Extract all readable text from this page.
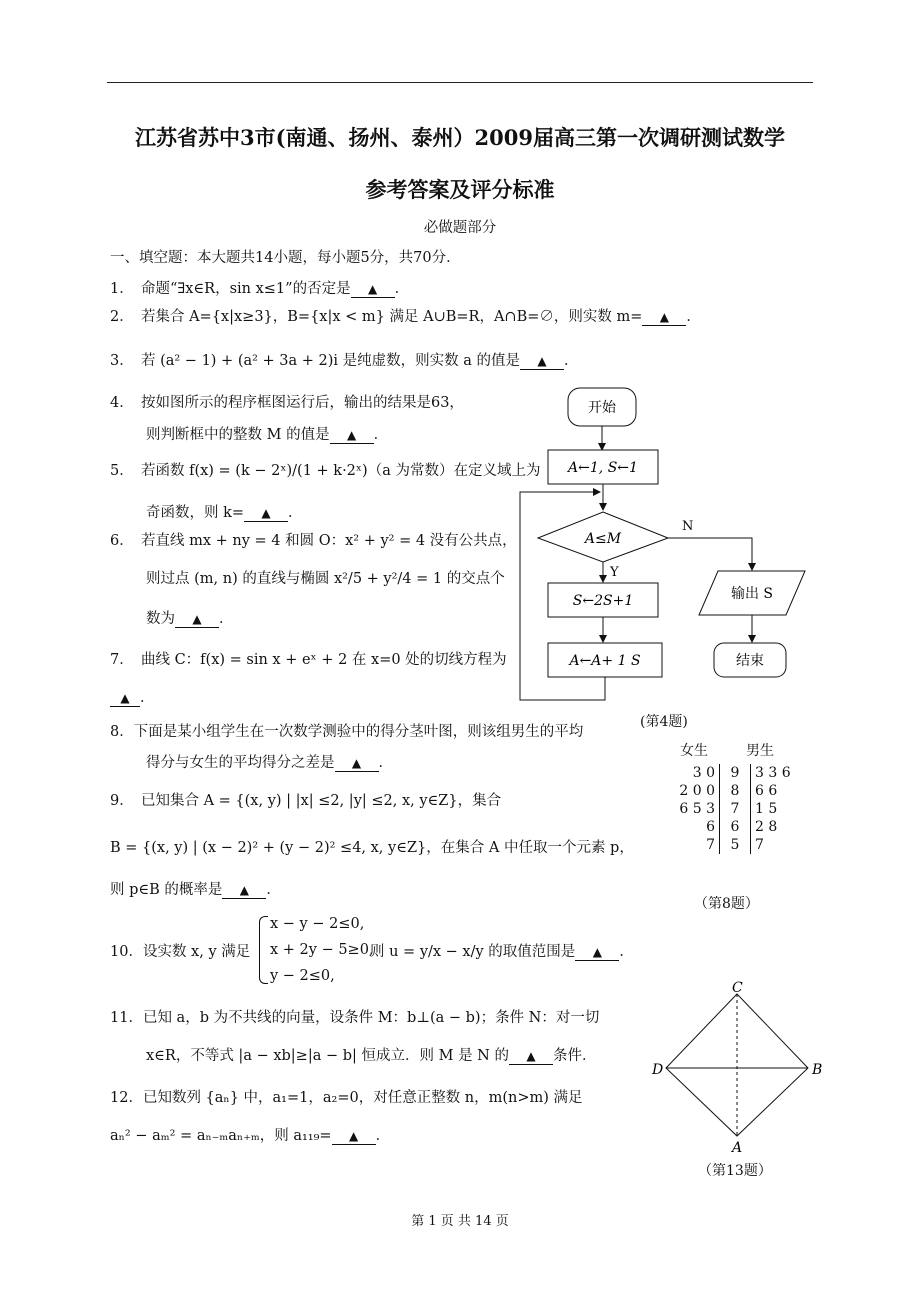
江苏省苏中3市(南通、扬州、泰州）2009届高三第一次调研测试数学
参考答案及评分标准
必做题部分
一、填空题：本大题共14小题，每小题5分，共70分．
1．　命题“∃x∈R，sin x≤1”的否定是 ▲ ．
2．　若集合 A={x|x≥3}，B={x|x < m} 满足 A∪B=R，A∩B=∅，则实数 m= ▲ ．
3．　若 (a² − 1) + (a² + 3a + 2)i 是纯虚数，则实数 a 的值是 ▲ ．
4．　按如图所示的程序框图运行后，输出的结果是63，
则判断框中的整数 M 的值是 ▲ ．
5．　若函数 f(x) = (k − 2ˣ)/(1 + k·2ˣ)（a 为常数）在定义域上为
奇函数，则 k= ▲ ．
6．　若直线 mx + ny = 4 和圆 O：x² + y² = 4 没有公共点，
则过点 (m, n) 的直线与椭圆 x²/5 + y²/4 = 1 的交点个
数为 ▲ ．
7．　曲线 C：f(x) = sin x + eˣ + 2 在 x=0 处的切线方程为
▲ ．
8．下面是某小组学生在一次数学测验中的得分茎叶图，则该组男生的平均
得分与女生的平均得分之差是 ▲ ．
9．　已知集合 A = {(x, y) | |x| ≤2, |y| ≤2, x, y∈Z}，集合
B = {(x, y) | (x − 2)² + (y − 2)² ≤4, x, y∈Z}，在集合 A 中任取一个元素 p，
则 p∈B 的概率是 ▲ ．
10．设实数 x, y 满足
x − y − 2≤0,
x + 2y − 5≥0,
y − 2≤0,
则 u = y/x − x/y 的取值范围是 ▲ ．
11．已知 a，b 为不共线的向量，设条件 M：b⊥(a − b)；条件 N：对一切
x∈R，不等式 |a − xb|≥|a − b| 恒成立．则 M 是 N 的 ▲ 条件．
12．已知数列 {aₙ} 中，a₁=1，a₂=0，对任意正整数 n，m(n>m) 满足
aₙ² − aₘ² = aₙ₋ₘaₙ₊ₘ，则 a₁₁₉= ▲ ．
开始
A←1, S←1
A≤M
N
Y
S←2S+1
A←A+ 1 S
输出 S
结束
(第4题)
女生	男生
3 0	9	3 3 6
2 0 0	8	6 6
6 5 3	7	1 5
6	6	2 8
7	5	7
（第8题）
C
D	B
A
（第13题）
第 1 页 共 14 页
